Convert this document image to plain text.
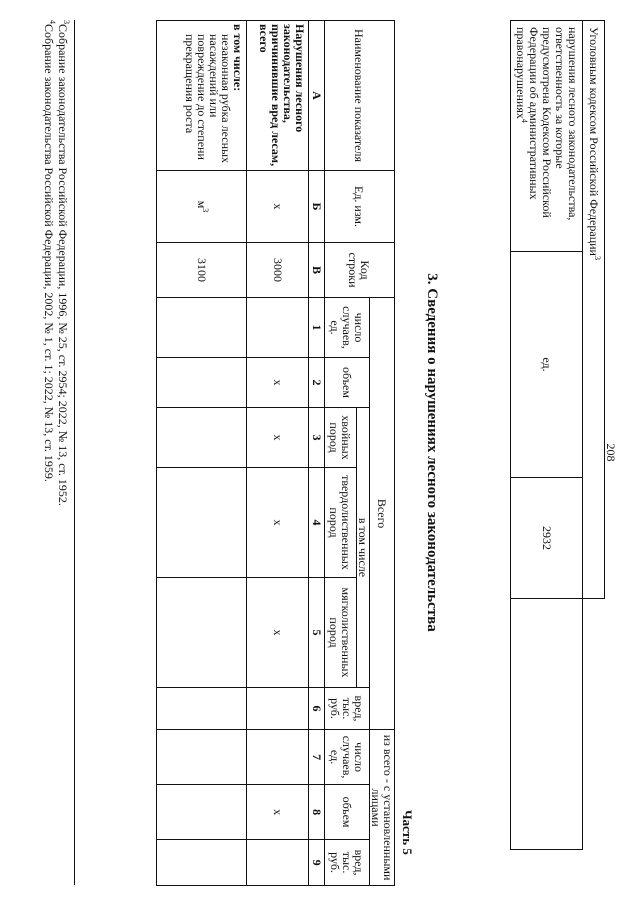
208
Уголовным кодексом Российской Федерации$^3$
нарушения лесного законодательства, ответственность за которые предусмотрена Кодексом Российской Федерации об административных правонарушениях$^4$	ед.	2932	
3. Сведения о нарушениях лесного законодательства
Часть 5
Наименование показателя	Ед. изм.	Код строки	Всего						из всего - с установленными лицами		
			число случаев, ед.	объем	в том числе			вред, тыс. руб.	число случаев, ед.	объем	вред, тыс. руб.
					хвойных пород	твердолиственных пород	мягколиственных пород				
А	Б	В	1	2	3	4	5	6	7	8	9
Нарушения лесного законодательства, причинившие вред лесам, всего	х	3000		х	х	х	х			х	

в том числе:
незаконная рубка лесных насаждений или повреждение до степени прекращения роста	$м^3$	3100									
$^3$Собрание законодательства Российской Федерации, 1996, № 25, ст. 2954; 2022, № 13, ст. 1952.
$^4$Собрание законодательства Российской Федерации, 2002, № 1, ст. 1; 2022, № 13, ст. 1959.
